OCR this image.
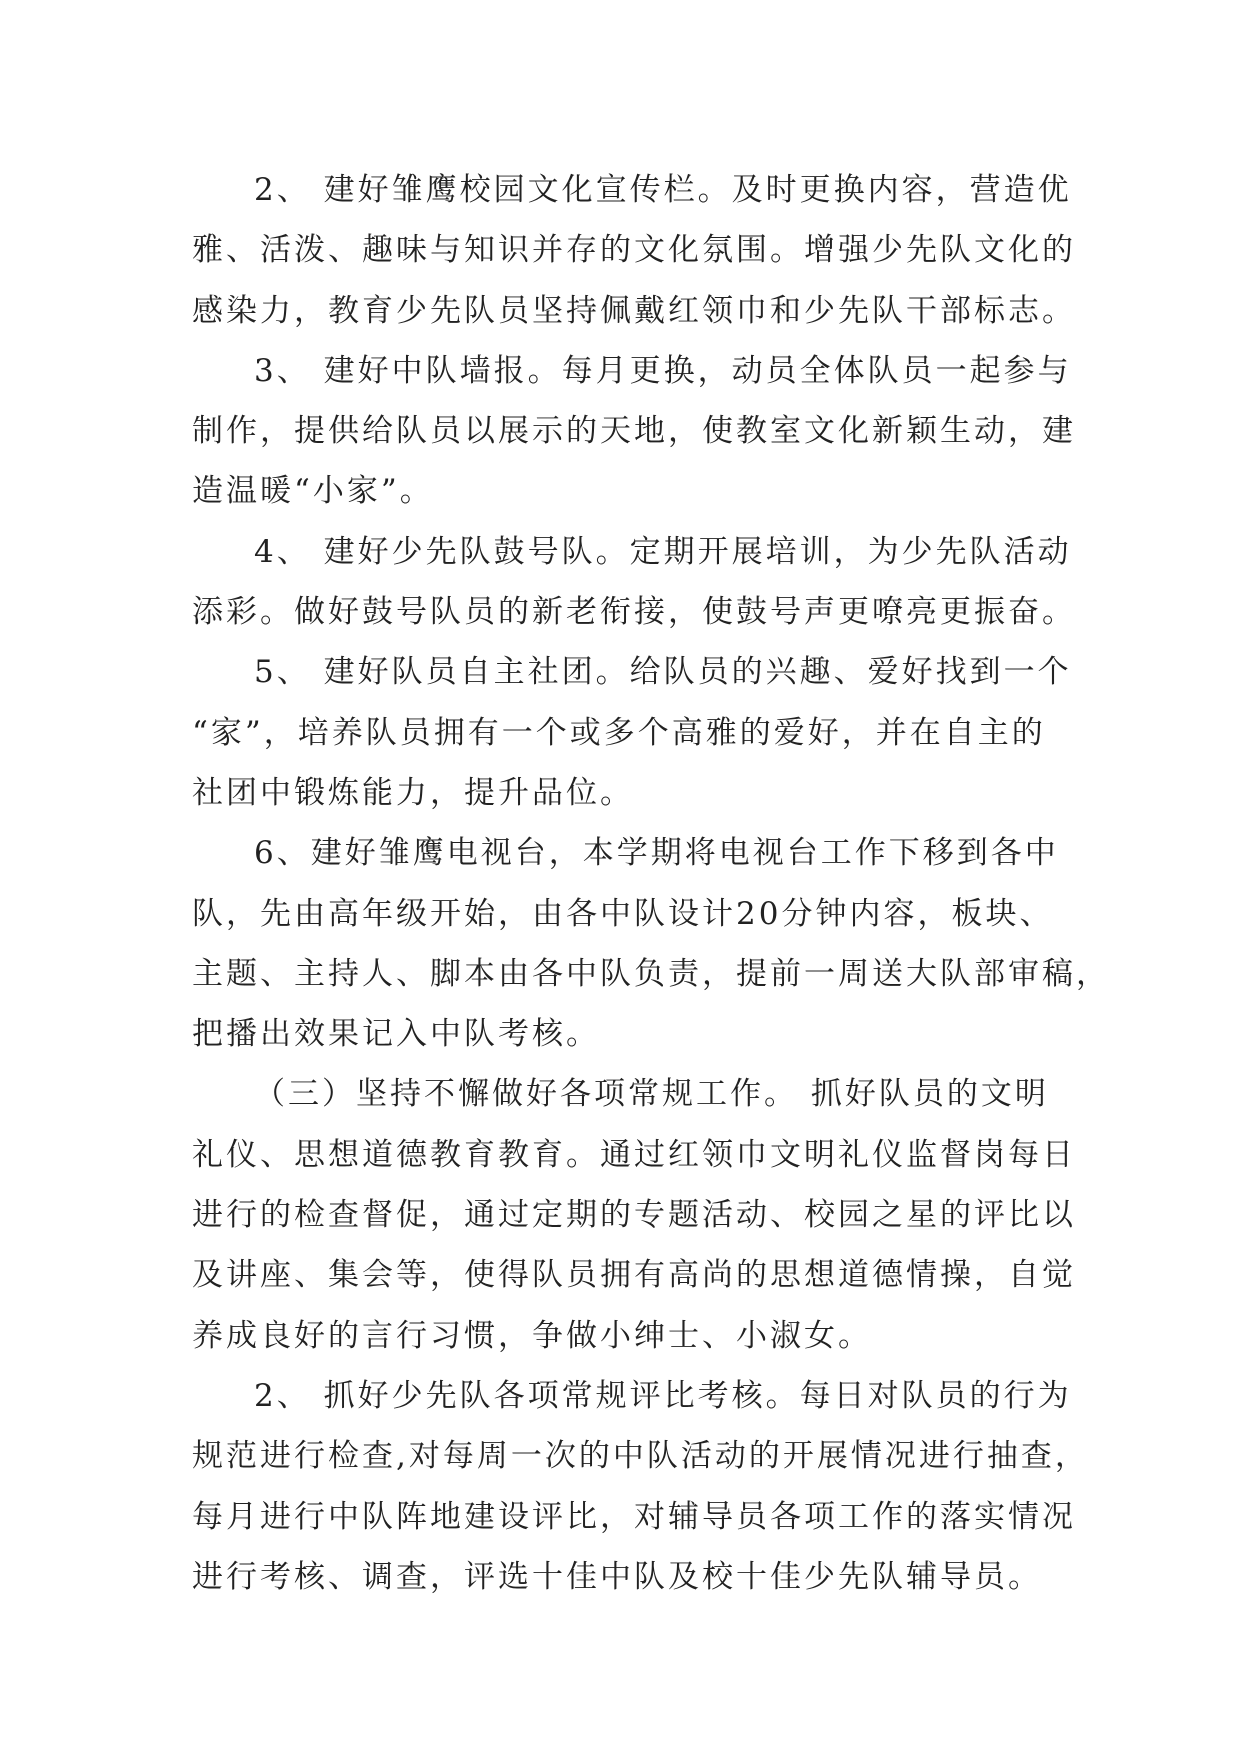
2、 建好雏鹰校园文化宣传栏。及时更换内容，营造优
雅、活泼、趣味与知识并存的文化氛围。增强少先队文化的
感染力，教育少先队员坚持佩戴红领巾和少先队干部标志。

3、 建好中队墙报。每月更换，动员全体队员一起参与
制作，提供给队员以展示的天地，使教室文化新颖生动，建
造温暖“小家”。

4、 建好少先队鼓号队。定期开展培训，为少先队活动
添彩。做好鼓号队员的新老衔接，使鼓号声更嘹亮更振奋。

5、 建好队员自主社团。给队员的兴趣、爱好找到一个
“家”，培养队员拥有一个或多个高雅的爱好，并在自主的
社团中锻炼能力，提升品位。

6、建好雏鹰电视台，本学期将电视台工作下移到各中
队，先由高年级开始，由各中队设计20分钟内容，板块、
主题、主持人、脚本由各中队负责，提前一周送大队部审稿，
把播出效果记入中队考核。

（三）坚持不懈做好各项常规工作。 抓好队员的文明
礼仪、思想道德教育教育。通过红领巾文明礼仪监督岗每日
进行的检查督促，通过定期的专题活动、校园之星的评比以
及讲座、集会等，使得队员拥有高尚的思想道德情操，自觉
养成良好的言行习惯，争做小绅士、小淑女。

2、 抓好少先队各项常规评比考核。每日对队员的行为
规范进行检查,对每周一次的中队活动的开展情况进行抽查，
每月进行中队阵地建设评比，对辅导员各项工作的落实情况
进行考核、调查，评选十佳中队及校十佳少先队辅导员。
